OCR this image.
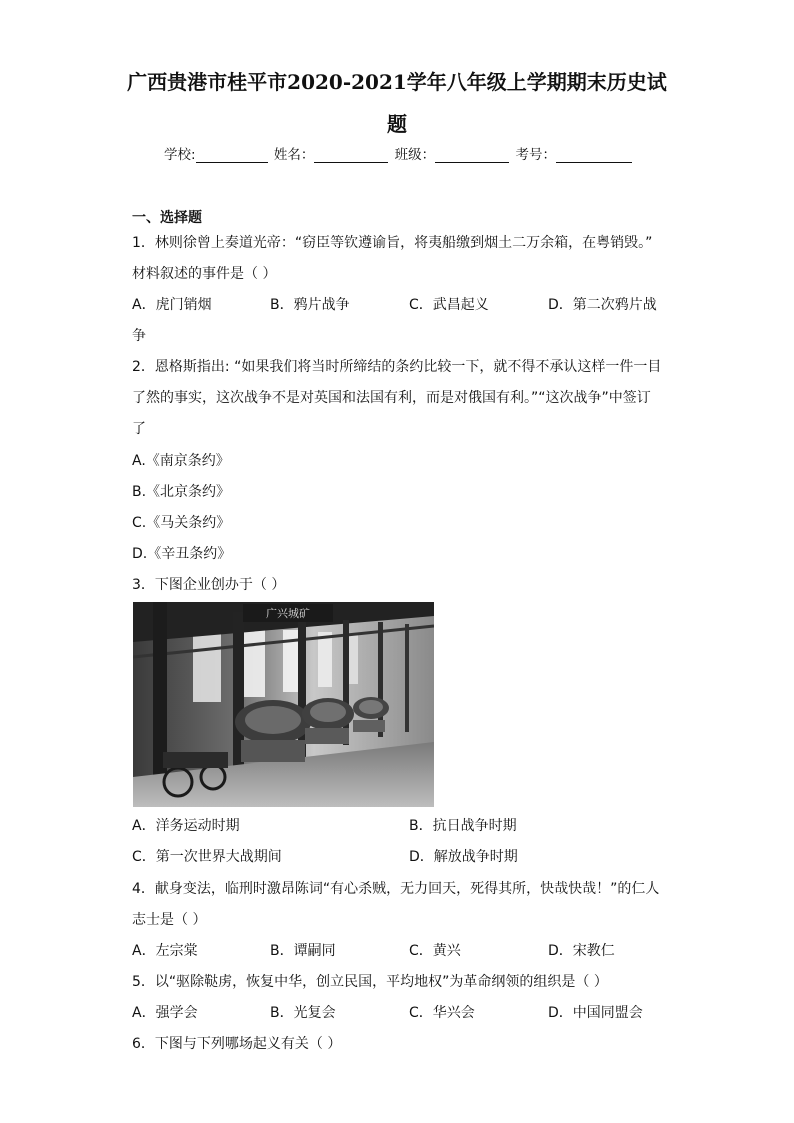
广西贵港市桂平市2020-2021学年八年级上学期期末历史试
题
学校:	姓名：	班级：	考号：
一、选择题
1．林则徐曾上奏道光帝：“窃臣等钦遵谕旨，将夷船缴到烟土二万余箱，在粤销毁。”
材料叙述的事件是（ ）
A．虎门销烟	B．鸦片战争	C．武昌起义	D．第二次鸦片战
争
2．恩格斯指出: “如果我们将当时所缔结的条约比较一下，就不得不承认这样一件一目
了然的事实，这次战争不是对英国和法国有利，而是对俄国有利。”“这次战争”中签订
了
A.《南京条约》
B.《北京条约》
C.《马关条约》
D.《辛丑条约》
3．下图企业创办于（ ）
广兴城矿
A．洋务运动时期	B．抗日战争时期
C．第一次世界大战期间	D．解放战争时期
4．献身变法，临刑时激昂陈词“有心杀贼，无力回天，死得其所，快哉快哉！”的仁人
志士是（ ）
A．左宗棠	B．谭嗣同	C．黄兴	D．宋教仁
5．以“驱除鞑虏，恢复中华，创立民国，平均地权”为革命纲领的组织是（ ）
A．强学会	B．光复会	C．华兴会	D．中国同盟会
6．下图与下列哪场起义有关（ ）
